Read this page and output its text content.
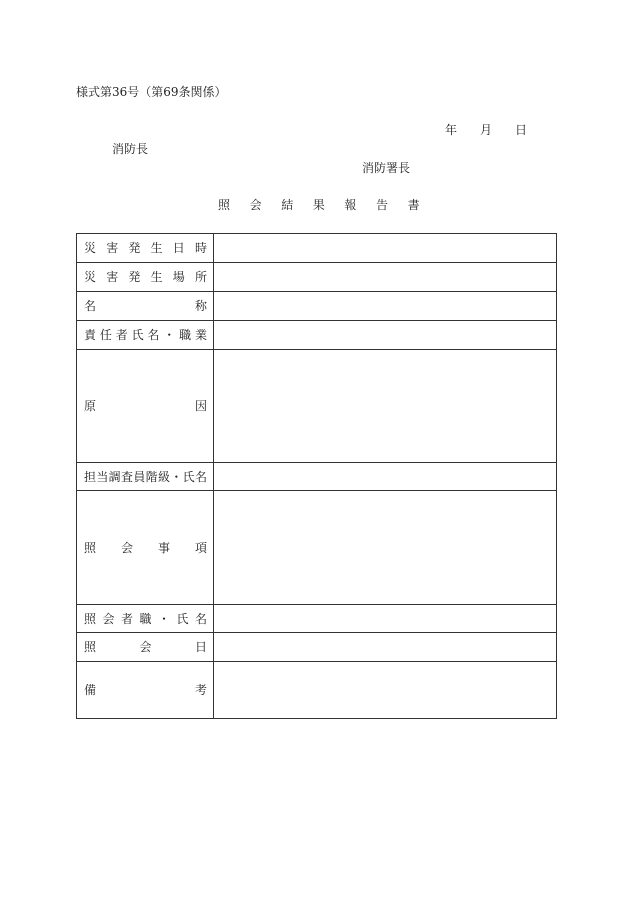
様式第36号（第69条関係）
年 月 日
消防長
消防署長
照会結果報告書
災害発生日時	

災害発生場所	

名称	

責任者氏名・職業	

原因	

担当調査員階級・氏名	

照会事項	

照会者職・氏名	

照会日	

備考	
